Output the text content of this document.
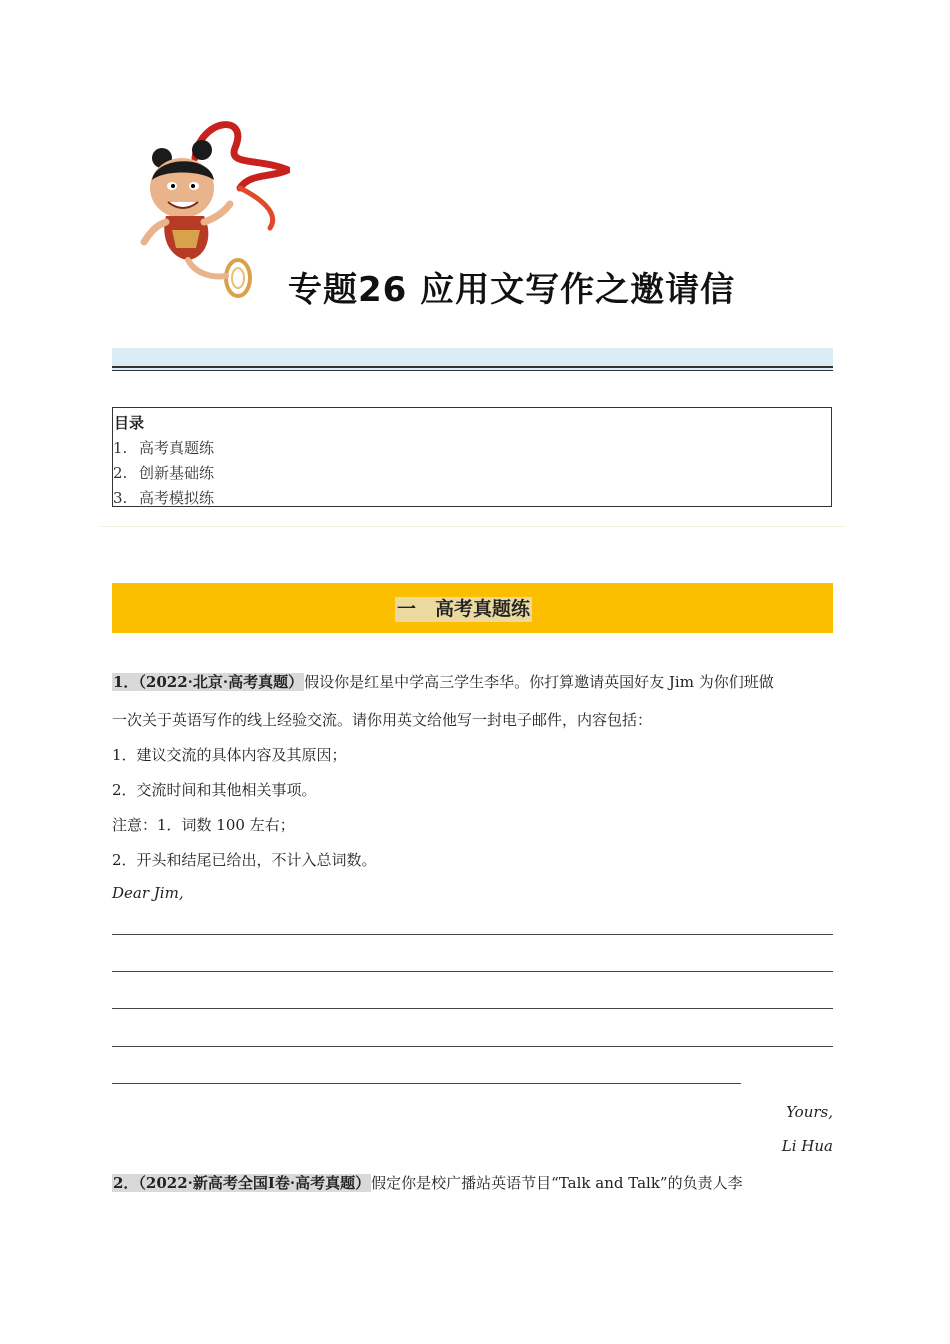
专题26 应用文写作之邀请信
目录
1. 高考真题练
2. 创新基础练
3. 高考模拟练
一　高考真题练
1．（2022·北京·高考真题）假设你是红星中学高三学生李华。你打算邀请英国好友 Jim 为你们班做
一次关于英语写作的线上经验交流。请你用英文给他写一封电子邮件，内容包括：
1．建议交流的具体内容及其原因；
2．交流时间和其他相关事项。
注意：1．词数 100 左右；
2．开头和结尾已给出，不计入总词数。
Dear Jim,
Yours,
Li Hua
2．（2022·新高考全国Ⅰ卷·高考真题）假定你是校广播站英语节目“Talk and Talk”的负责人李
